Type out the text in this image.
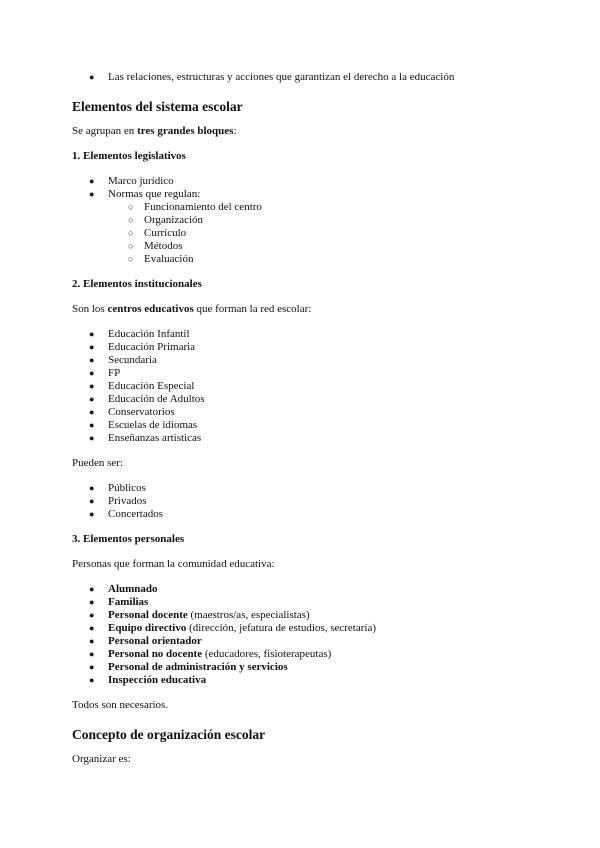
● Las relaciones, estructuras y acciones que garantizan el derecho a la educación
Elementos del sistema escolar

Se agrupan en tres grandes bloques:

1. Elementos legislativos
● Marco jurídico
● Normas que regulan:
○ Funcionamiento del centro
○ Organización
○ Currículo
○ Métodos
○ Evaluación
2. Elementos institucionales

Son los centros educativos que forman la red escolar:

● Educación Infantil
● Educación Primaria
● Secundaria
● FP
● Educación Especial
● Educación de Adultos
● Conservatorios
● Escuelas de idiomas
● Enseñanzas artísticas

Pueden ser:

● Públicos
● Privados
● Concertados
3. Elementos personales

Personas que forman la comunidad educativa:

● Alumnado
● Familias
● Personal docente (maestros/as, especialistas)
● Equipo directivo (dirección, jefatura de estudios, secretaría)
● Personal orientador
● Personal no docente (educadores, fisioterapeutas)
● Personal de administración y servicios
● Inspección educativa

Todos son necesarios.

Concepto de organización escolar

Organizar es:
